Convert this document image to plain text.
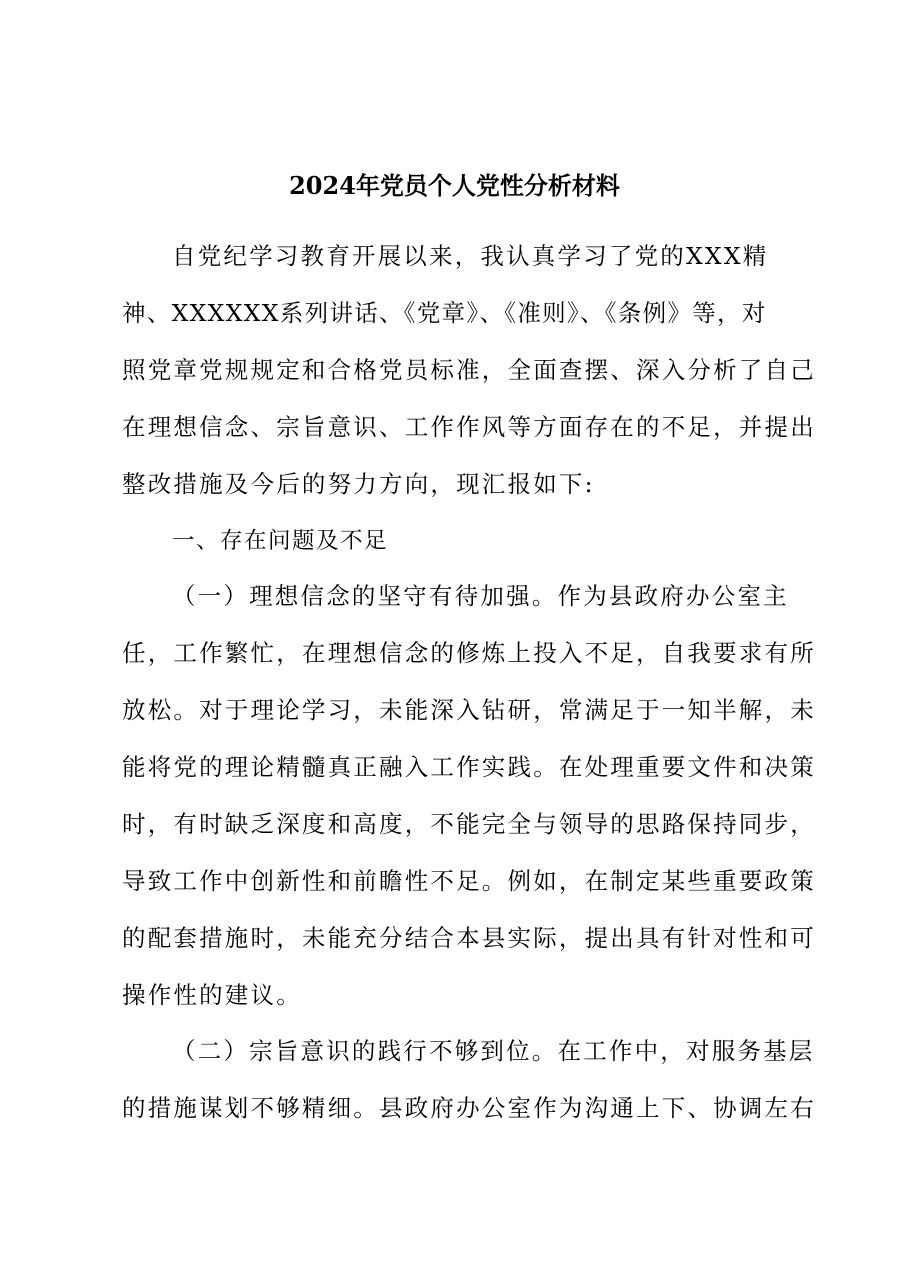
2024年党员个人党性分析材料
自党纪学习教育开展以来，我认真学习了党的XXX精
神、XXXXXX系列讲话、《党章》、《准则》、《条例》等，对
照党章党规规定和合格党员标准，全面查摆、深入分析了自己
在理想信念、宗旨意识、工作作风等方面存在的不足，并提出
整改措施及今后的努力方向，现汇报如下:
一、存在问题及不足
（一）理想信念的坚守有待加强。作为县政府办公室主
任，工作繁忙，在理想信念的修炼上投入不足，自我要求有所
放松。对于理论学习，未能深入钻研，常满足于一知半解，未
能将党的理论精髓真正融入工作实践。在处理重要文件和决策
时，有时缺乏深度和高度，不能完全与领导的思路保持同步，
导致工作中创新性和前瞻性不足。例如，在制定某些重要政策
的配套措施时，未能充分结合本县实际，提出具有针对性和可
操作性的建议。
（二）宗旨意识的践行不够到位。在工作中，对服务基层
的措施谋划不够精细。县政府办公室作为沟通上下、协调左右
